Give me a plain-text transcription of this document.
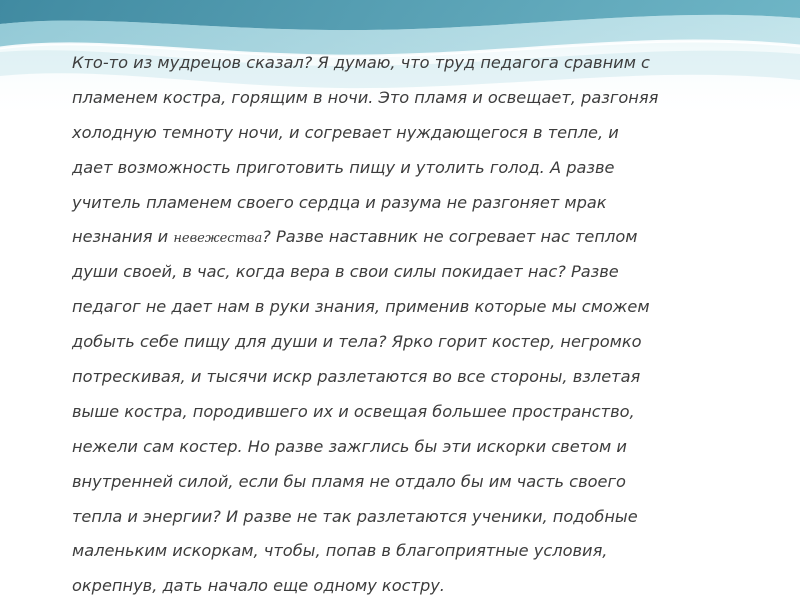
Кто-то из мудрецов сказал? Я думаю, что труд педагога сравним с
пламенем костра, горящим в ночи. Это пламя и освещает, разгоняя
холодную темноту ночи, и согревает нуждающегося в тепле, и
дает возможность приготовить пищу и утолить голод. А разве
учитель пламенем своего сердца и разума не разгоняет мрак
незнания и невежества? Разве наставник не согревает нас теплом
души своей, в час, когда вера в свои силы покидает нас? Разве
педагог не дает нам в руки знания, применив которые мы сможем
добыть себе пищу для души и тела? Ярко горит костер, негромко
потрескивая, и тысячи искр разлетаются во все стороны, взлетая
выше костра, породившего их и освещая большее пространство,
нежели сам костер. Но разве зажглись бы эти искорки светом и
внутренней силой, если бы пламя не отдало бы им часть своего
тепла и энергии? И разве не так разлетаются ученики, подобные
маленьким искоркам, чтобы, попав в благоприятные условия,
окрепнув, дать начало еще одному костру.
